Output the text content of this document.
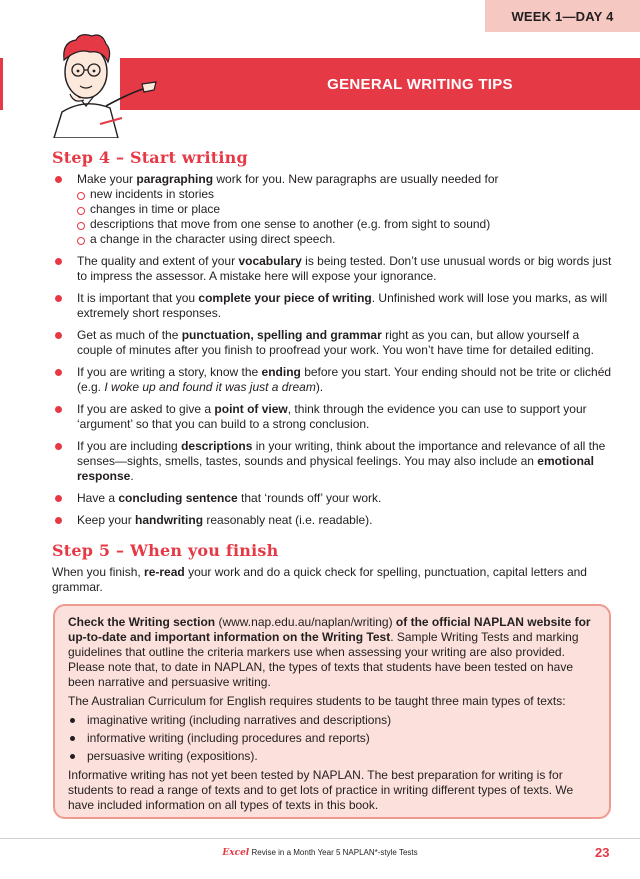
WEEK 1—DAY 4
GENERAL WRITING TIPS
Step 4 – Start writing
Make your paragraphing work for you. New paragraphs are usually needed for
new incidents in stories
changes in time or place
descriptions that move from one sense to another (e.g. from sight to sound)
a change in the character using direct speech.
The quality and extent of your vocabulary is being tested. Don’t use unusual words or big words just to impress the assessor. A mistake here will expose your ignorance.
It is important that you complete your piece of writing. Unfinished work will lose you marks, as will extremely short responses.
Get as much of the punctuation, spelling and grammar right as you can, but allow yourself a couple of minutes after you finish to proofread your work. You won’t have time for detailed editing.
If you are writing a story, know the ending before you start. Your ending should not be trite or clichéd (e.g. I woke up and found it was just a dream).
If you are asked to give a point of view, think through the evidence you can use to support your ‘argument’ so that you can build to a strong conclusion.
If you are including descriptions in your writing, think about the importance and relevance of all the senses—sights, smells, tastes, sounds and physical feelings. You may also include an emotional response.
Have a concluding sentence that ‘rounds off’ your work.
Keep your handwriting reasonably neat (i.e. readable).
Step 5 – When you finish
When you finish, re-read your work and do a quick check for spelling, punctuation, capital letters and grammar.

Check the Writing section (www.nap.edu.au/naplan/writing) of the official NAPLAN website for up-to-date and important information on the Writing Test. Sample Writing Tests and marking guidelines that outline the criteria markers use when assessing your writing are also provided. Please note that, to date in NAPLAN, the types of texts that students have been tested on have been narrative and persuasive writing.

The Australian Curriculum for English requires students to be taught three main types of texts:

imaginative writing (including narratives and descriptions)
informative writing (including procedures and reports)
persuasive writing (expositions).

Informative writing has not yet been tested by NAPLAN. The best preparation for writing is for students to read a range of texts and to get lots of practice in writing different types of texts. We have included information on all types of texts in this book.

Excel Revise in a Month Year 5 NAPLAN*-style Tests	23
